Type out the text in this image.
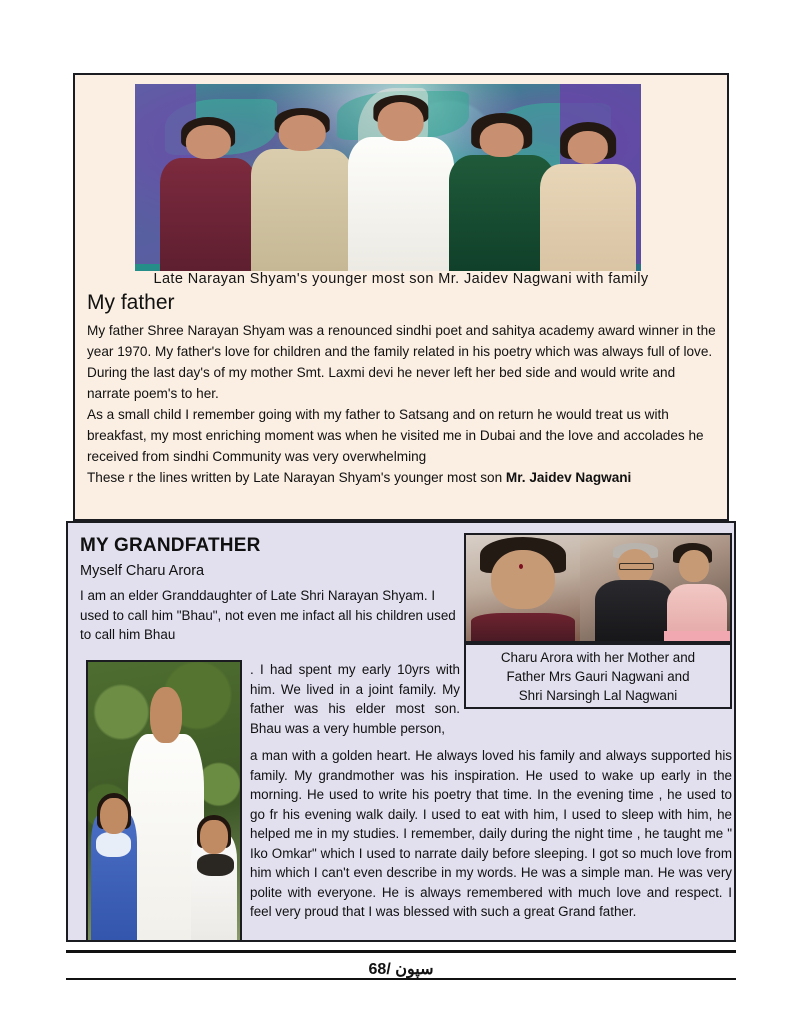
Late Narayan Shyam's younger most son Mr. Jaidev Nagwani with family
My father

My father Shree Narayan Shyam was a renounced sindhi poet and sahitya academy award winner in the year 1970. My father's love for children and the family related in his poetry which was always full of love.

During the last day's of my mother Smt. Laxmi devi he never left her bed side and would write and narrate poem's to her.

As a small child I remember going with my father to Satsang and on return he would treat us with breakfast, my most enriching moment was when he visited me in Dubai and the love and accolades he received from sindhi Community was very overwhelming

These r the lines written by Late Narayan Shyam's younger most son Mr. Jaidev Nagwani

MY GRANDFATHER
Myself Charu Arora
I am an elder Granddaughter of Late Shri Narayan Shyam. I used to call him "Bhau", not even me infact all his children used to call him Bhau
Charu Arora with her Mother and
Father Mrs Gauri Nagwani and
Shri Narsingh Lal Nagwani
. I had spent my early 10yrs with him. We lived in a joint family. My father was his elder most son. Bhau was a very humble person,
a man with a golden heart. He always loved his family and always supported his family. My grandmother was his inspiration. He used to wake up early in the morning. He used to write his poetry that time. In the evening time , he used to go fr his evening walk daily. I used to eat with him, I used to sleep with him, he helped me in my studies. I remember, daily during the night time , he taught me " Iko Omkar" which I used to narrate daily before sleeping. I got so much love from him which I can't even describe in my words. He was a simple man. He was very polite with everyone. He is always remembered with much love and respect. I feel very proud that I was blessed with such a great Grand father.
سپون /68
